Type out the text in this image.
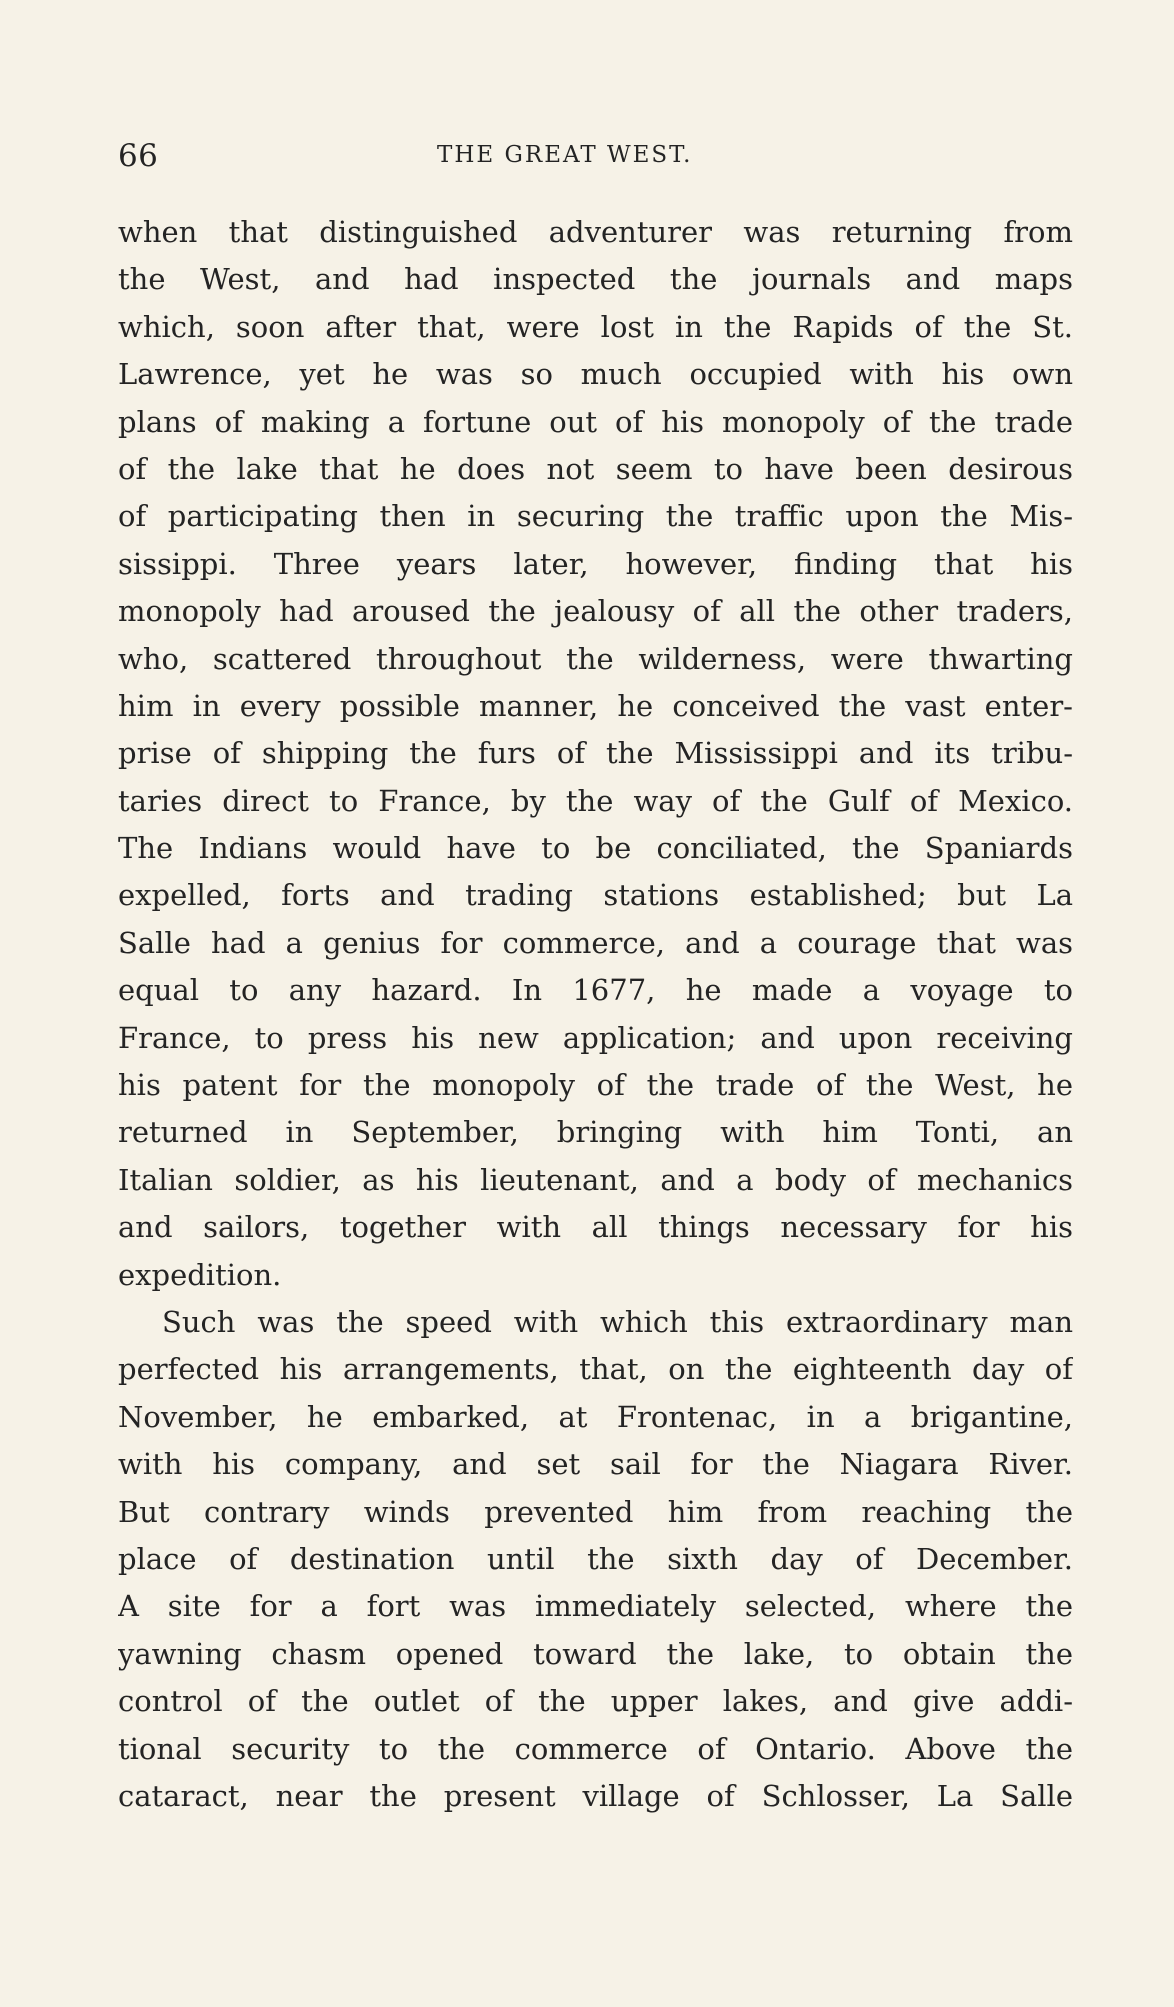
66	THE GREAT WEST.
when that distinguished adventurer was returning from
the West, and had inspected the journals and maps
which, soon after that, were lost in the Rapids of the St.
Lawrence, yet he was so much occupied with his own
plans of making a fortune out of his monopoly of the trade
of the lake that he does not seem to have been desirous
of participating then in securing the traffic upon the Mis-
sissippi. Three years later, however, finding that his
monopoly had aroused the jealousy of all the other traders,
who, scattered throughout the wilderness, were thwarting
him in every possible manner, he conceived the vast enter-
prise of shipping the furs of the Mississippi and its tribu-
taries direct to France, by the way of the Gulf of Mexico.
The Indians would have to be conciliated, the Spaniards
expelled, forts and trading stations established; but La
Salle had a genius for commerce, and a courage that was
equal to any hazard. In 1677, he made a voyage to
France, to press his new application; and upon receiving
his patent for the monopoly of the trade of the West, he
returned in September, bringing with him Tonti, an
Italian soldier, as his lieutenant, and a body of mechanics
and sailors, together with all things necessary for his
expedition.
Such was the speed with which this extraordinary man
perfected his arrangements, that, on the eighteenth day of
November, he embarked, at Frontenac, in a brigantine,
with his company, and set sail for the Niagara River.
But contrary winds prevented him from reaching the
place of destination until the sixth day of December.
A site for a fort was immediately selected, where the
yawning chasm opened toward the lake, to obtain the
control of the outlet of the upper lakes, and give addi-
tional security to the commerce of Ontario. Above the
cataract, near the present village of Schlosser, La Salle
